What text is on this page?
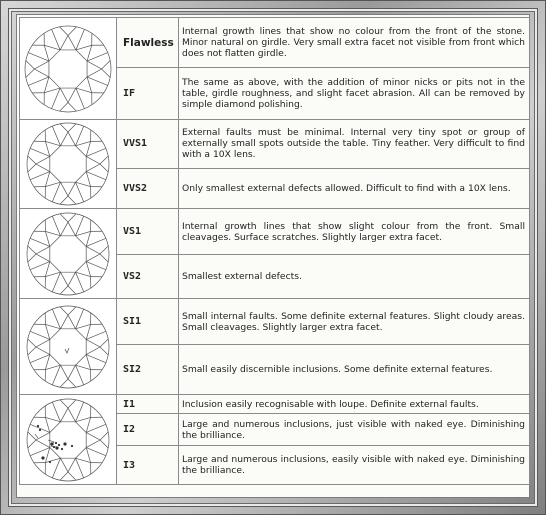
	Flawless	Internal growth lines that show no colour from the front of the stone. Minor natural on girdle. Very small extra facet not visible from front which does not flatten girdle.
	IF	The same as above, with the addition of minor nicks or pits not in the table, girdle roughness, and slight facet abrasion. All can be removed by simple diamond polishing.

	VVS1	External faults must be minimal. Internal very tiny spot or group of externally small spots outside the table. Tiny feather. Very difficult to find with a 10X lens.
	VVS2	Only smallest external defects allowed. Difficult to find with a 10X lens.

	VS1	Internal growth lines that show slight colour from the front. Small cleavages. Surface scratches. Slightly larger extra facet.
	VS2	Smallest external defects.

	SI1	Small internal faults. Some definite external features. Slight cloudy areas. Small cleavages. Slightly larger extra facet.
	SI2	Small easily discernible inclusions. Some definite external features.

	I1	Inclusion easily recognisable with loupe. Definite external faults.
	I2	Large and numerous inclusions, just visible with naked eye. Diminishing the brilliance.
	I3	Large and numerous inclusions, easily visible with naked eye. Diminishing the brilliance.
